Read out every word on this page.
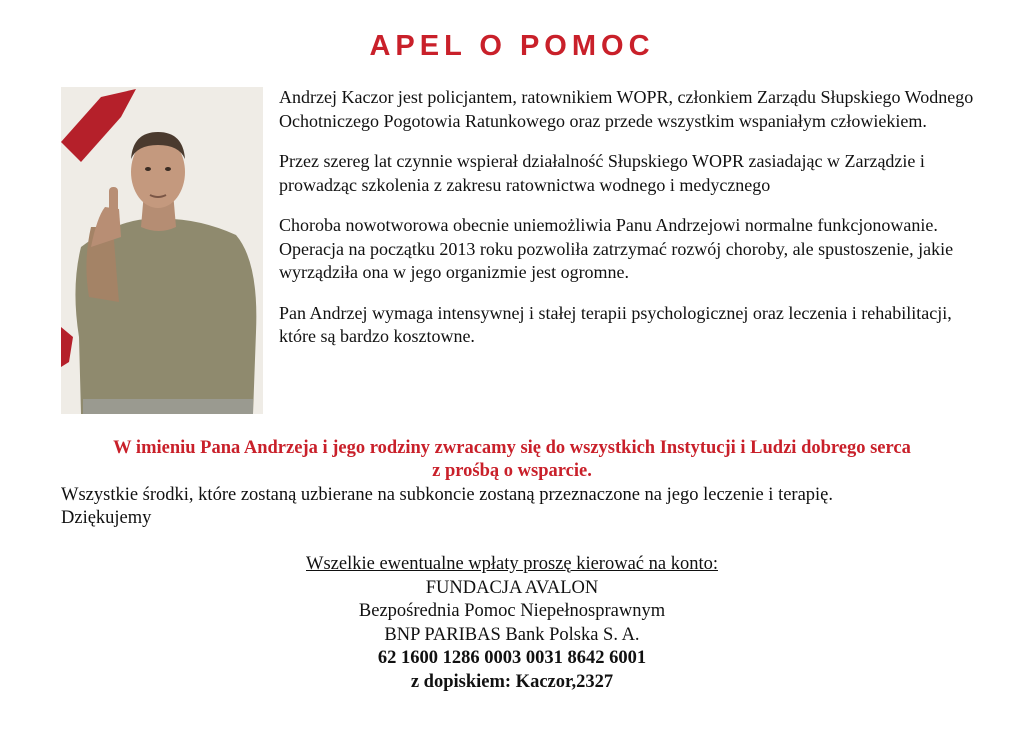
APEL O POMOC

Andrzej Kaczor jest policjantem, ratownikiem WOPR, członkiem Zarządu Słupskiego Wodnego Ochotniczego Pogotowia Ratunkowego oraz przede wszystkim wspaniałym człowiekiem.

Przez szereg lat czynnie wspierał działalność Słupskiego WOPR zasiadając w Zarządzie i prowadząc szkolenia z zakresu ratownictwa wodnego i medycznego

Choroba nowotworowa obecnie uniemożliwia Panu Andrzejowi normalne funkcjonowanie. Operacja na początku 2013 roku pozwoliła zatrzymać rozwój choroby, ale spustoszenie, jakie wyrządziła ona w jego organizmie jest ogromne.

Pan Andrzej wymaga intensywnej i stałej terapii psychologicznej oraz leczenia i rehabilitacji, które są bardzo kosztowne.

W imieniu Pana Andrzeja i jego rodziny zwracamy się do wszystkich Instytucji i Ludzi dobrego serca
z prośbą o wsparcie.
Wszystkie środki, które zostaną uzbierane na subkoncie zostaną przeznaczone na jego leczenie i terapię.
Dziękujemy
Wszelkie ewentualne wpłaty proszę kierować na konto:
FUNDACJA AVALON
Bezpośrednia Pomoc Niepełnosprawnym
BNP PARIBAS Bank Polska S. A.
62 1600 1286 0003 0031 8642 6001
z dopiskiem: Kaczor,2327
